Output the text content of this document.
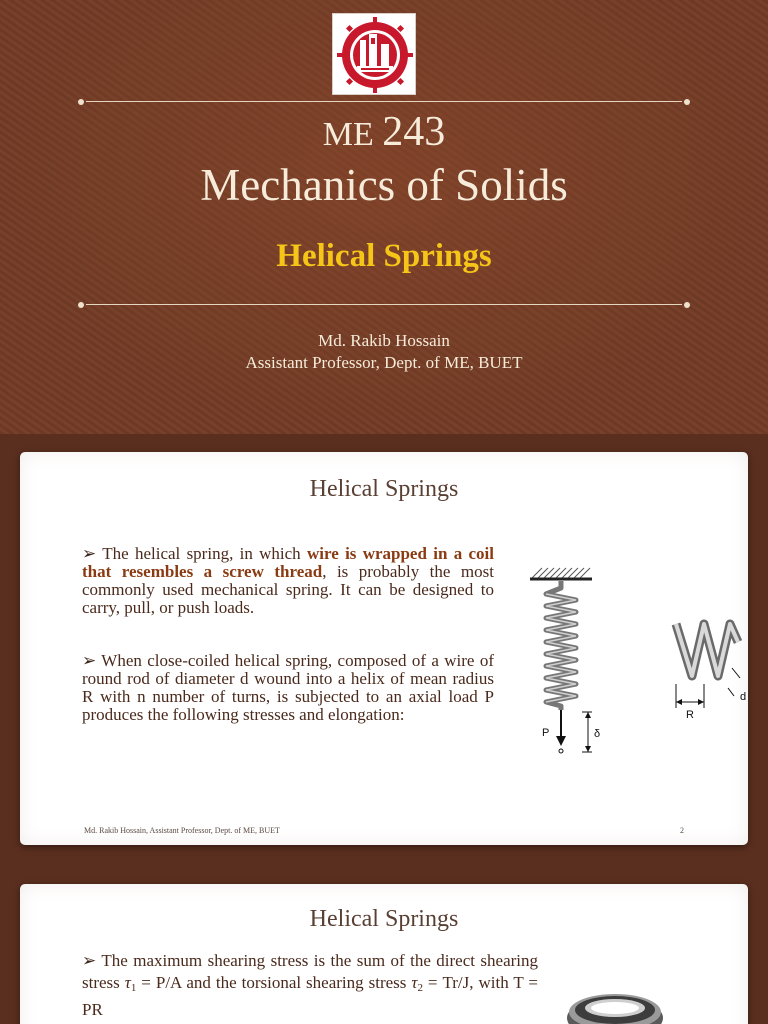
ME 243
Mechanics of Solids
Helical Springs
Md. Rakib Hossain
Assistant Professor, Dept. of ME, BUET
Helical Springs
➢ The helical spring, in which wire is wrapped in a coil that resembles a screw thread, is probably the most commonly used mechanical spring. It can be designed to carry, pull, or push loads.
➢ When close-coiled helical spring, composed of a wire of round rod of diameter d wound into a helix of mean radius R with n number of turns, is subjected to an axial load P produces the following stresses and elongation:
P	δ
R
d
Md. Rakib Hossain, Assistant Professor, Dept. of ME, BUET	2
Helical Springs
➢ The maximum shearing stress is the sum of the direct shearing stress τ1 = P/A and the torsional shearing stress τ2 = Tr/J, with T = PR
